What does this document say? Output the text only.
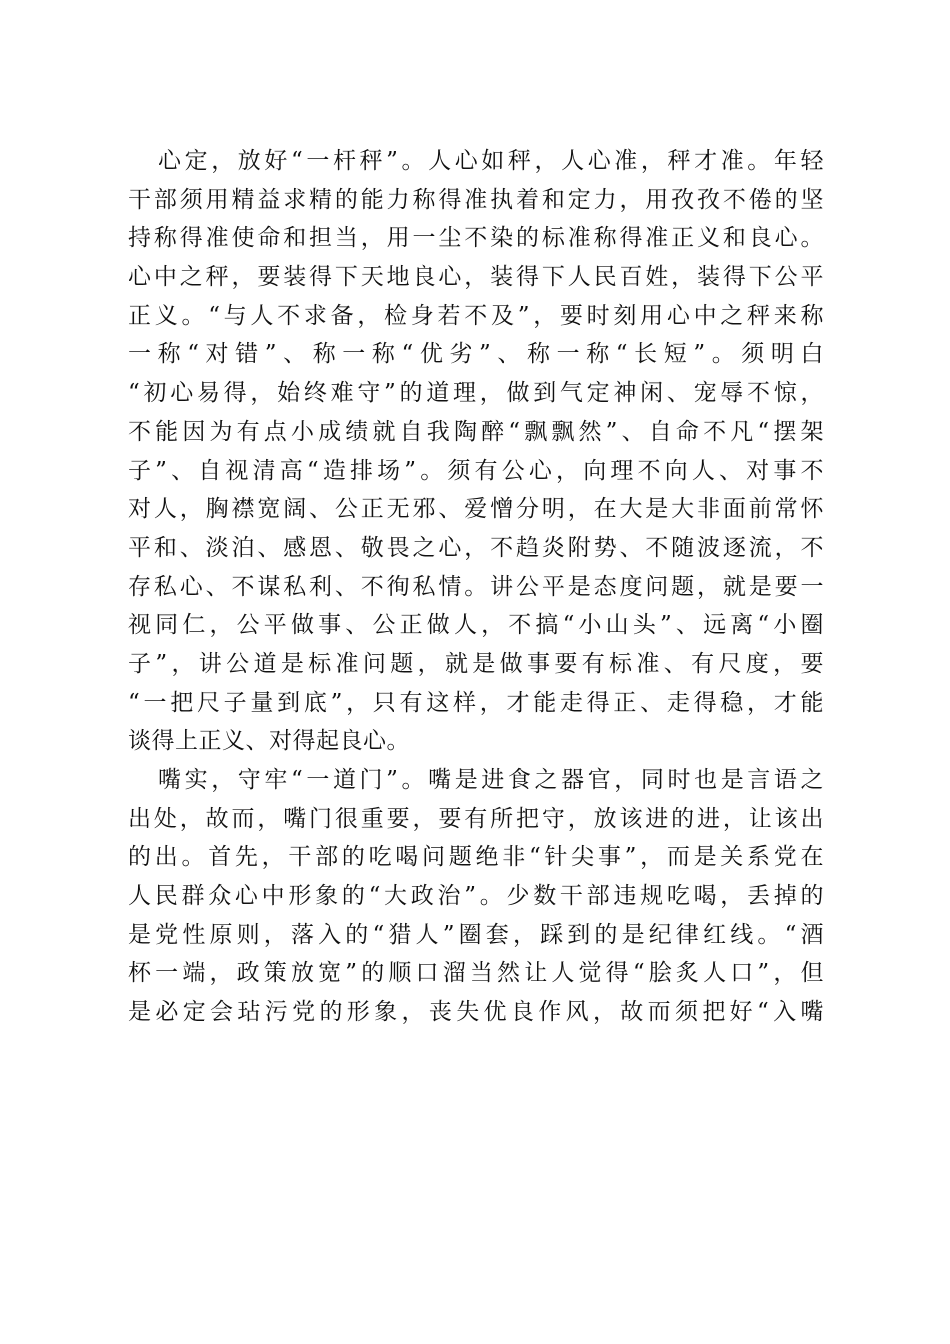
心定，放好“一杆秤”。人心如秤，人心准，秤才准。年轻
干部须用精益求精的能力称得准执着和定力，用孜孜不倦的坚
持称得准使命和担当，用一尘不染的标准称得准正义和良心。
心中之秤，要装得下天地良心，装得下人民百姓，装得下公平
正义。“与人不求备，检身若不及”，要时刻用心中之秤来称
一称“对错”、称一称“优劣”、称一称“长短”。须明白
“初心易得，始终难守”的道理，做到气定神闲、宠辱不惊，
不能因为有点小成绩就自我陶醉“飘飘然”、自命不凡“摆架
子”、自视清高“造排场”。须有公心，向理不向人、对事不
对人，胸襟宽阔、公正无邪、爱憎分明，在大是大非面前常怀
平和、淡泊、感恩、敬畏之心，不趋炎附势、不随波逐流，不
存私心、不谋私利、不徇私情。讲公平是态度问题，就是要一
视同仁，公平做事、公正做人，不搞“小山头”、远离“小圈
子”，讲公道是标准问题，就是做事要有标准、有尺度，要
“一把尺子量到底”，只有这样，才能走得正、走得稳，才能
谈得上正义、对得起良心。
嘴实，守牢“一道门”。嘴是进食之器官，同时也是言语之
出处，故而，嘴门很重要，要有所把守，放该进的进，让该出
的出。首先，干部的吃喝问题绝非“针尖事”，而是关系党在
人民群众心中形象的“大政治”。少数干部违规吃喝，丢掉的
是党性原则，落入的“猎人”圈套，踩到的是纪律红线。“酒
杯一端，政策放宽”的顺口溜当然让人觉得“脍炙人口”，但
是必定会玷污党的形象，丧失优良作风，故而须把好“入嘴
